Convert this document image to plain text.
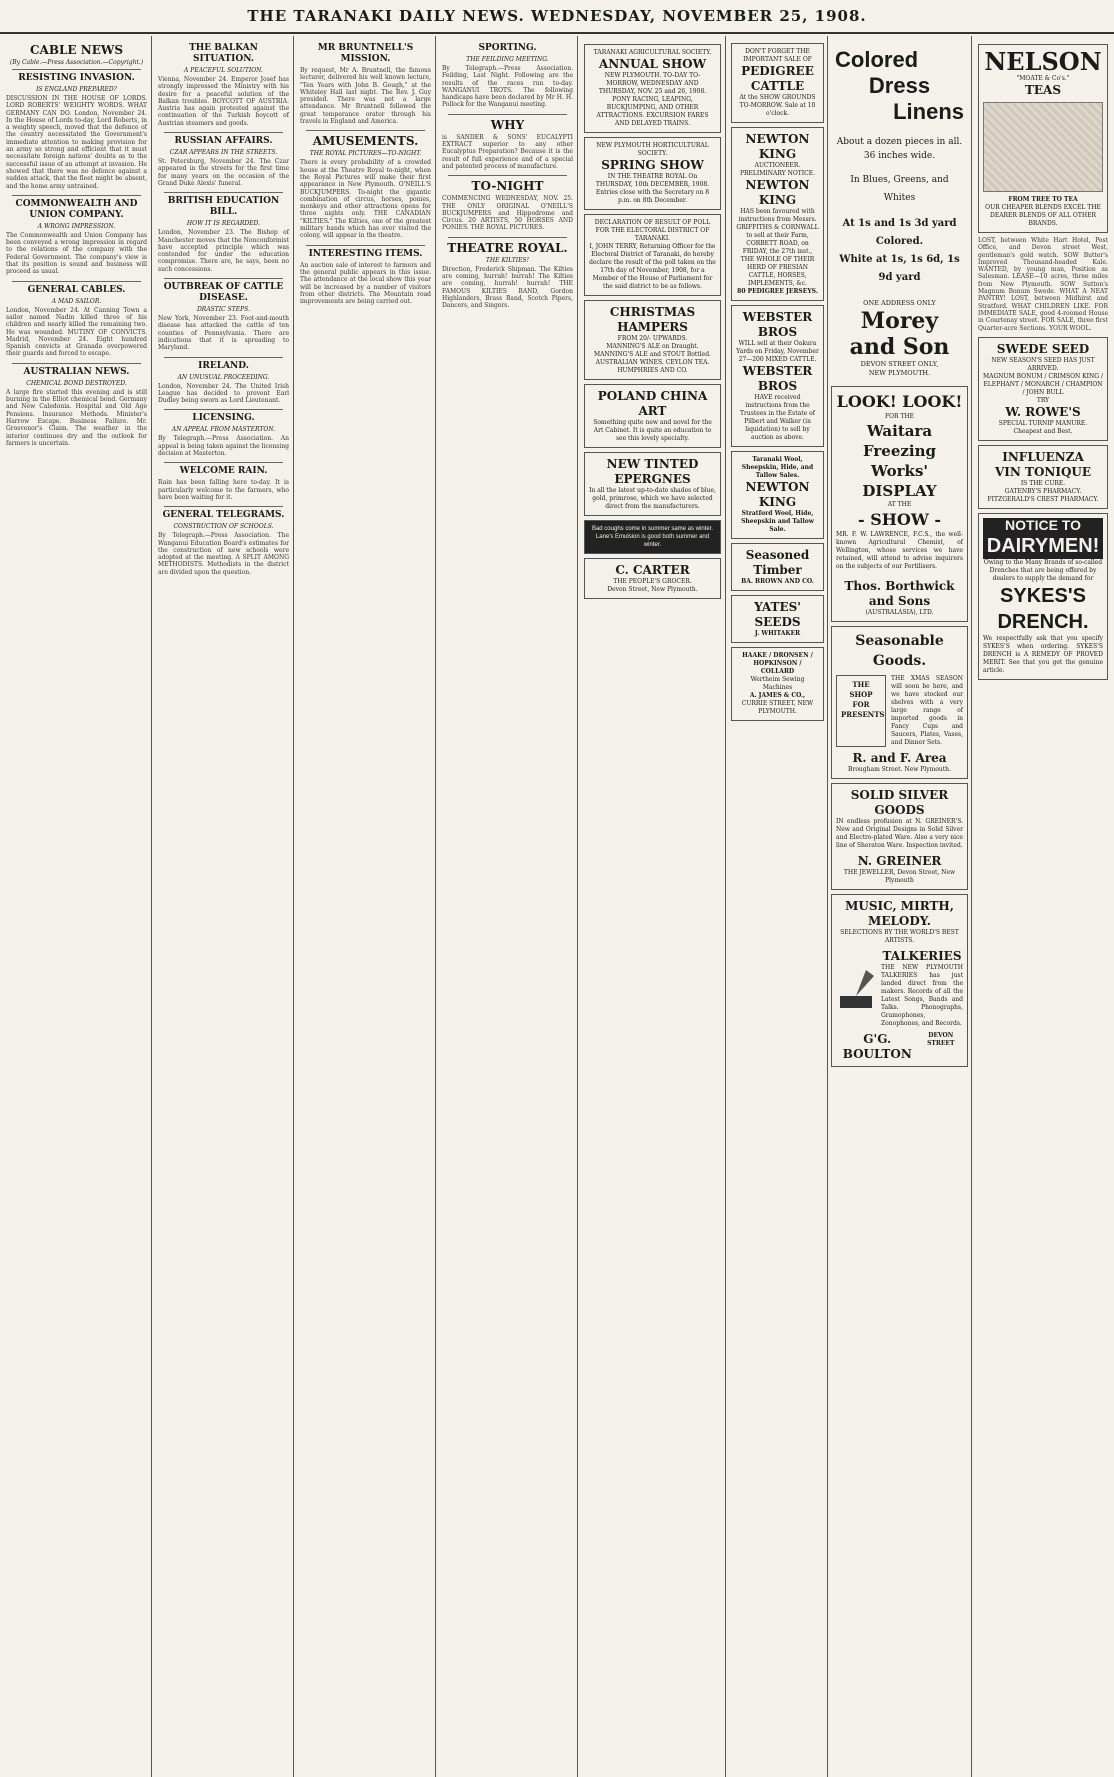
THE TARANAKI DAILY NEWS. WEDNESDAY, NOVEMBER 25, 1908.
CABLE NEWS
(By Cable.—Press Association.—Copyright.)
RESISTING INVASION.
IS ENGLAND PREPARED?
DISCUSSION IN THE HOUSE OF LORDS. LORD ROBERTS' WEIGHTY WORDS. WHAT GERMANY CAN DO. London, November 24. In the House of Lords to-day, Lord Roberts, in a weighty speech, moved that the defence of the country necessitated the Government's immediate attention to making provision for an army so strong and efficient that it must necessitate foreign nations' doubts as to the successful issue of an attempt at invasion. He showed that there was no defence against a sudden attack, that the fleet might be absent, and the home army untrained.
COMMONWEALTH AND UNION COMPANY.
A WRONG IMPRESSION.
The Commonwealth and Union Company has been conveyed a wrong impression in regard to the relations of the company with the Federal Government. The company's view is that its position is sound and business will proceed as usual.
GENERAL CABLES.
A MAD SAILOR.
London, November 24. At Canning Town a sailor named Nadin killed three of his children and nearly killed the remaining two. He was wounded. MUTINY OF CONVICTS. Madrid, November 24. Eight hundred Spanish convicts at Granada overpowered their guards and forced to escape.
AUSTRALIAN NEWS.
CHEMICAL BOND DESTROYED.
A large fire started this evening and is still burning in the Elliot chemical bond. Germany and New Caledonia. Hospital and Old Age Pensions. Insurance Methods. Minister's Harrow Escape. Business Failure. Mr. Grosvenor's Claim. The weather in the interior continues dry and the outlook for farmers is uncertain.
THE BALKAN SITUATION.
A PEACEFUL SOLUTION.
Vienna, November 24. Emperor Josef has strongly impressed the Ministry with his desire for a peaceful solution of the Balkan troubles. BOYCOTT OF AUSTRIA. Austria has again protested against the continuation of the Turkish boycott of Austrian steamers and goods.
RUSSIAN AFFAIRS.
CZAR APPEARS IN THE STREETS.
St. Petersburg, November 24. The Czar appeared in the streets for the first time for many years on the occasion of the Grand Duke Alexis' funeral.
BRITISH EDUCATION BILL.
HOW IT IS REGARDED.
London, November 23. The Bishop of Manchester moves that the Nonconformist have accepted principle which was contended for under the education compromise. There are, he says, been no such concessions.
OUTBREAK OF CATTLE DISEASE.
DRASTIC STEPS.
New York, November 23. Foot-and-mouth disease has attacked the cattle of ten counties of Pennsylvania. There are indications that it is spreading to Maryland.
IRELAND.
AN UNUSUAL PROCEEDING.
London, November 24. The United Irish League has decided to prevent Earl Dudley being sworn as Lord Lieutenant.
LICENSING.
AN APPEAL FROM MASTERTON.
By Telegraph.—Press Association. An appeal is being taken against the licensing decision at Masterton.
WELCOME RAIN.
Rain has been falling here to-day. It is particularly welcome to the farmers, who have been waiting for it.
GENERAL TELEGRAMS.
CONSTRUCTION OF SCHOOLS.
By Telegraph.—Press Association. The Wanganui Education Board's estimates for the construction of new schools were adopted at the meeting. A SPLIT AMONG METHODISTS. Methodists in the district are divided upon the question.
MR BRUNTNELL'S MISSION.
By request, Mr A. Bruntnell, the famous lecturer, delivered his well known lecture, "Ten Years with John B. Gough," at the Whiteley Hall last night. The Rev. J. Guy presided. There was not a large attendance. Mr Bruntnell followed the great temperance orator through his travels in England and America.
AMUSEMENTS.
THE ROYAL PICTURES—TO-NIGHT.
There is every probability of a crowded house at the Theatre Royal to-night, when the Royal Pictures will make their first appearance in New Plymouth. O'NEILL'S BUCKJUMPERS. To-night the gigantic combination of circus, horses, ponies, monkeys and other attractions opens for three nights only. THE CANADIAN "KILTIES." The Kilties, one of the greatest military bands which has ever visited the colony, will appear in the theatre.
INTERESTING ITEMS.
An auction sale of interest to farmers and the general public appears in this issue. The attendance at the local show this year will be increased by a number of visitors from other districts. The Mountain road improvements are being carried out.
SPORTING.
THE FEILDING MEETING.
By Telegraph.—Press Association. Feilding, Last Night. Following are the results of the races run to-day. WANGANUI TROTS. The following handicaps have been declared by Mr H. H. Pollock for the Wanganui meeting.
WHY
is SANDER & SONS' EUCALYPTI EXTRACT superior to any other Eucalyptus Preparation? Because it is the result of full experience and of a special and patented process of manufacture.
TO-NIGHT
COMMENCING WEDNESDAY, NOV. 25. THE ONLY ORIGINAL O'NEILL'S BUCKJUMPERS and Hippodrome and Circus. 20 ARTISTS, 50 HORSES AND PONIES. THE ROYAL PICTURES.
THEATRE ROYAL.
THE KILTIES!
Direction, Frederick Shipman. The Kilties are coming, hurrah! hurrah! The Kilties are coming, hurrah! hurrah! THE FAMOUS KILTIES BAND, Gordon Highlanders, Brass Band, Scotch Pipers, Dancers, and Singers.
TARANAKI AGRICULTURAL SOCIETY.
ANNUAL SHOW
NEW PLYMOUTH. TO-DAY TO-MORROW, WEDNESDAY AND THURSDAY, NOV. 25 and 26, 1908. PONY RACING, LEAPING, BUCKJUMPING, AND OTHER ATTRACTIONS. EXCURSION FARES AND DELAYED TRAINS.
NEW PLYMOUTH HORTICULTURAL SOCIETY.
SPRING SHOW
IN THE THEATRE ROYAL On THURSDAY, 10th DECEMBER, 1908. Entries close with the Secretary on 8 p.m. on 8th December.
DECLARATION OF RESULT OF POLL FOR THE ELECTORAL DISTRICT OF TARANAKI.
I, JOHN TERRY, Returning Officer for the Electoral District of Taranaki, do hereby declare the result of the poll taken on the 17th day of November, 1908, for a Member of the House of Parliament for the said district to be as follows.
CHRISTMAS HAMPERS
FROM 20/- UPWARDS.
MANNING'S ALE on Draught. MANNING'S ALE and STOUT Bottled. AUSTRALIAN WINES. CEYLON TEA. HUMPHRIES AND CO.
POLAND CHINA ART
Something quite new and novel for the Art Cabinet. It is quite an education to see this lovely specialty.
NEW TINTED EPERGNES
In all the latest up-to-date shades of blue, gold, primrose, which we have selected direct from the manufacturers.
Bad coughs come in summer same as winter. Lane's Emulsion is good both summer and winter.
C. CARTER
THE PEOPLE'S GROCER.
Devon Street, New Plymouth.
DON'T FORGET THE IMPORTANT SALE OF
PEDIGREE CATTLE
At the SHOW GROUNDS TO-MORROW. Sale at 10 o'clock.
NEWTON KING
AUCTIONEER.
PRELIMINARY NOTICE.
NEWTON KING
HAS been favoured with instructions from Messrs. GRIFFITHS & CORNWALL to sell at their Farm, CORBETT ROAD, on FRIDAY, the 27th inst., THE WHOLE OF THEIR HERD OF FRESIAN CATTLE, HORSES, IMPLEMENTS, &c.
80 PEDIGREE JERSEYS.
WEBSTER BROS
WILL sell at their Oakura Yards on Friday, November 27—200 MIXED CATTLE.
WEBSTER BROS
HAVE received instructions from the Trustees in the Estate of Pilbert and Walker (in liquidation) to sell by auction as above.
Taranaki Wool, Sheepskin, Hide, and Tallow Sales.
NEWTON KING
Stratford Wool, Hide, Sheepskin and Tallow Sale.
Seasoned Timber
BA. BROWN AND CO.
YATES' SEEDS
J. WHITAKER
HAAKE / DRONSEN / HOPKINSON / COLLARD
Wertheim Sewing Machines
A. JAMES & CO.,
CURRIE STREET, NEW PLYMOUTH.
Colored
Dress
Linens
About a dozen pieces in all.
36 inches wide.
In Blues, Greens, and Whites
At 1s and 1s 3d yard Colored.
White at 1s, 1s 6d, 1s 9d yard
ONE ADDRESS ONLY
Morey and Son
DEVON STREET ONLY,
NEW PLYMOUTH.
LOOK! LOOK!
FOR THE
Waitara Freezing Works'
DISPLAY
AT THE
- SHOW -
MR. F. W. LAWRENCE, F.C.S., the well-known Agricultural Chemist, of Wellington, whose services we have retained, will attend to advise inquirers on the subjects of our Fertilisers.
Thos. Borthwick and Sons
(AUSTRALASIA), LTD.
Seasonable Goods.
THE SHOP FOR PRESENTS
THE XMAS SEASON will soon be here, and we have stocked our shelves with a very large range of imported goods in Fancy Cups and Saucers, Plates, Vases, and Dinner Sets.
R. and F. Area
Brougham Street. New Plymouth.
SOLID SILVER GOODS
IN endless profusion at N. GREINER'S. New and Original Designs in Solid Silver and Electro-plated Ware. Also a very nice line of Sheraton Ware. Inspection invited.
N. GREINER
THE JEWELLER, Devon Street, New Plymouth
MUSIC, MIRTH, MELODY.
SELECTIONS BY THE WORLD'S BEST ARTISTS.
TALKERIES
THE NEW PLYMOUTH TALKERIES has just landed direct from the makers. Records of all the Latest Songs, Bands and Talks. Phonographs, Gramophones, Zonophones, and Records.
G'G. BOULTON
DEVON STREET
NELSON
"MOATE & Co's."
TEAS
FROM TREE TO TEA
OUR CHEAPER BLENDS EXCEL THE DEARER BLENDS OF ALL OTHER BRANDS.
LOST, between White Hart Hotel, Post Office, and Devon street West, gentleman's gold watch. SOW Butter's Improved Thousand-headed Kale. WANTED, by young man, Position as Salesman. LEASE—10 acres, three miles from New Plymouth. SOW Sutton's Magnum Bonum Swede. WHAT A NEAT PANTRY! LOST, between Midhirst and Stratford. WHAT CHILDREN LIKE. FOR IMMEDIATE SALE, good 4-roomed House in Courtenay street. FOR SALE, three first Quarter-acre Sections. YOUR WOOL.
SWEDE SEED
NEW SEASON'S SEED HAS JUST ARRIVED.
MAGNUM BONUM / CRIMSON KING / ELEPHANT / MONARCH / CHAMPION / JOHN BULL
TRY
W. ROWE'S
SPECIAL TURNIP MANURE.
Cheapest and Best.
INFLUENZA
VIN TONIQUE
IS THE CURE.
GATENBY'S PHARMACY.
FITZGERALD'S CREST PHARMACY.
NOTICE TO
DAIRYMEN!
Owing to the Many Brands of so-called Drenches that are being offered by dealers to supply the demand for
SYKES'S
DRENCH.
We respectfully ask that you specify SYKES'S when ordering. SYKES'S DRENCH is A REMEDY OF PROVED MERIT. See that you get the genuine article.
